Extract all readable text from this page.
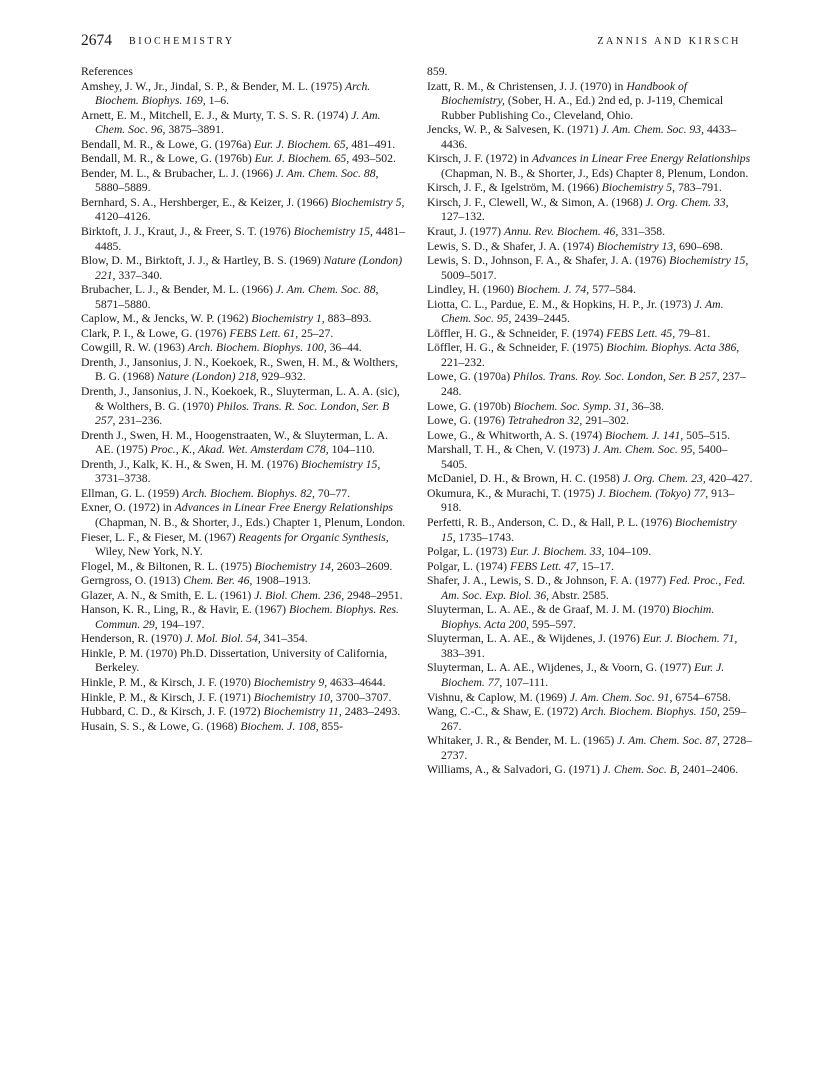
2674 BIOCHEMISTRY	ZANNIS AND KIRSCH

References

Amshey, J. W., Jr., Jindal, S. P., & Bender, M. L. (1975) Arch. Biochem. Biophys. 169, 1–6.

Arnett, E. M., Mitchell, E. J., & Murty, T. S. S. R. (1974) J. Am. Chem. Soc. 96, 3875–3891.

Bendall, M. R., & Lowe, G. (1976a) Eur. J. Biochem. 65, 481–491.

Bendall, M. R., & Lowe, G. (1976b) Eur. J. Biochem. 65, 493–502.

Bender, M. L., & Brubacher, L. J. (1966) J. Am. Chem. Soc. 88, 5880–5889.

Bernhard, S. A., Hershberger, E., & Keizer, J. (1966) Biochemistry 5, 4120–4126.

Birktoft, J. J., Kraut, J., & Freer, S. T. (1976) Biochemistry 15, 4481–4485.

Blow, D. M., Birktoft, J. J., & Hartley, B. S. (1969) Nature (London) 221, 337–340.

Brubacher, L. J., & Bender, M. L. (1966) J. Am. Chem. Soc. 88, 5871–5880.

Caplow, M., & Jencks, W. P. (1962) Biochemistry 1, 883–893.

Clark, P. I., & Lowe, G. (1976) FEBS Lett. 61, 25–27.

Cowgill, R. W. (1963) Arch. Biochem. Biophys. 100, 36–44.

Drenth, J., Jansonius, J. N., Koekoek, R., Swen, H. M., & Wolthers, B. G. (1968) Nature (London) 218, 929–932.

Drenth, J., Jansonius, J. N., Koekoek, R., Sluyterman, L. A. A. (sic), & Wolthers, B. G. (1970) Philos. Trans. R. Soc. London, Ser. B 257, 231–236.

Drenth J., Swen, H. M., Hoogenstraaten, W., & Sluyterman, L. A. AE. (1975) Proc., K., Akad. Wet. Amsterdam C78, 104–110.

Drenth, J., Kalk, K. H., & Swen, H. M. (1976) Biochemistry 15, 3731–3738.

Ellman, G. L. (1959) Arch. Biochem. Biophys. 82, 70–77.

Exner, O. (1972) in Advances in Linear Free Energy Relationships (Chapman, N. B., & Shorter, J., Eds.) Chapter 1, Plenum, London.

Fieser, L. F., & Fieser, M. (1967) Reagents for Organic Synthesis, Wiley, New York, N.Y.

Flogel, M., & Biltonen, R. L. (1975) Biochemistry 14, 2603–2609.

Gerngross, O. (1913) Chem. Ber. 46, 1908–1913.

Glazer, A. N., & Smith, E. L. (1961) J. Biol. Chem. 236, 2948–2951.

Hanson, K. R., Ling, R., & Havir, E. (1967) Biochem. Biophys. Res. Commun. 29, 194–197.

Henderson, R. (1970) J. Mol. Biol. 54, 341–354.

Hinkle, P. M. (1970) Ph.D. Dissertation, University of California, Berkeley.

Hinkle, P. M., & Kirsch, J. F. (1970) Biochemistry 9, 4633–4644.

Hinkle, P. M., & Kirsch, J. F. (1971) Biochemistry 10, 3700–3707.

Hubbard, C. D., & Kirsch, J. F. (1972) Biochemistry 11, 2483–2493.

Husain, S. S., & Lowe, G. (1968) Biochem. J. 108, 855-

859.

Izatt, R. M., & Christensen, J. J. (1970) in Handbook of Biochemistry, (Sober, H. A., Ed.) 2nd ed, p. J-119, Chemical Rubber Publishing Co., Cleveland, Ohio.

Jencks, W. P., & Salvesen, K. (1971) J. Am. Chem. Soc. 93, 4433–4436.

Kirsch, J. F. (1972) in Advances in Linear Free Energy Relationships (Chapman, N. B., & Shorter, J., Eds) Chapter 8, Plenum, London.

Kirsch, J. F., & Igelström, M. (1966) Biochemistry 5, 783–791.

Kirsch, J. F., Clewell, W., & Simon, A. (1968) J. Org. Chem. 33, 127–132.

Kraut, J. (1977) Annu. Rev. Biochem. 46, 331–358.

Lewis, S. D., & Shafer, J. A. (1974) Biochemistry 13, 690–698.

Lewis, S. D., Johnson, F. A., & Shafer, J. A. (1976) Biochemistry 15, 5009–5017.

Lindley, H. (1960) Biochem. J. 74, 577–584.

Liotta, C. L., Pardue, E. M., & Hopkins, H. P., Jr. (1973) J. Am. Chem. Soc. 95, 2439–2445.

Löffler, H. G., & Schneider, F. (1974) FEBS Lett. 45, 79–81.

Löffler, H. G., & Schneider, F. (1975) Biochim. Biophys. Acta 386, 221–232.

Lowe, G. (1970a) Philos. Trans. Roy. Soc. London, Ser. B 257, 237–248.

Lowe, G. (1970b) Biochem. Soc. Symp. 31, 36–38.

Lowe, G. (1976) Tetrahedron 32, 291–302.

Lowe, G., & Whitworth, A. S. (1974) Biochem. J. 141, 505–515.

Marshall, T. H., & Chen, V. (1973) J. Am. Chem. Soc. 95, 5400–5405.

McDaniel, D. H., & Brown, H. C. (1958) J. Org. Chem. 23, 420–427.

Okumura, K., & Murachi, T. (1975) J. Biochem. (Tokyo) 77, 913–918.

Perfetti, R. B., Anderson, C. D., & Hall, P. L. (1976) Biochemistry 15, 1735–1743.

Polgar, L. (1973) Eur. J. Biochem. 33, 104–109.

Polgar, L. (1974) FEBS Lett. 47, 15–17.

Shafer, J. A., Lewis, S. D., & Johnson, F. A. (1977) Fed. Proc., Fed. Am. Soc. Exp. Biol. 36, Abstr. 2585.

Sluyterman, L. A. AE., & de Graaf, M. J. M. (1970) Biochim. Biophys. Acta 200, 595–597.

Sluyterman, L. A. AE., & Wijdenes, J. (1976) Eur. J. Biochem. 71, 383–391.

Sluyterman, L. A. AE., Wijdenes, J., & Voorn, G. (1977) Eur. J. Biochem. 77, 107–111.

Vishnu, & Caplow, M. (1969) J. Am. Chem. Soc. 91, 6754–6758.

Wang, C.-C., & Shaw, E. (1972) Arch. Biochem. Biophys. 150, 259–267.

Whitaker, J. R., & Bender, M. L. (1965) J. Am. Chem. Soc. 87, 2728–2737.

Williams, A., & Salvadori, G. (1971) J. Chem. Soc. B, 2401–2406.
